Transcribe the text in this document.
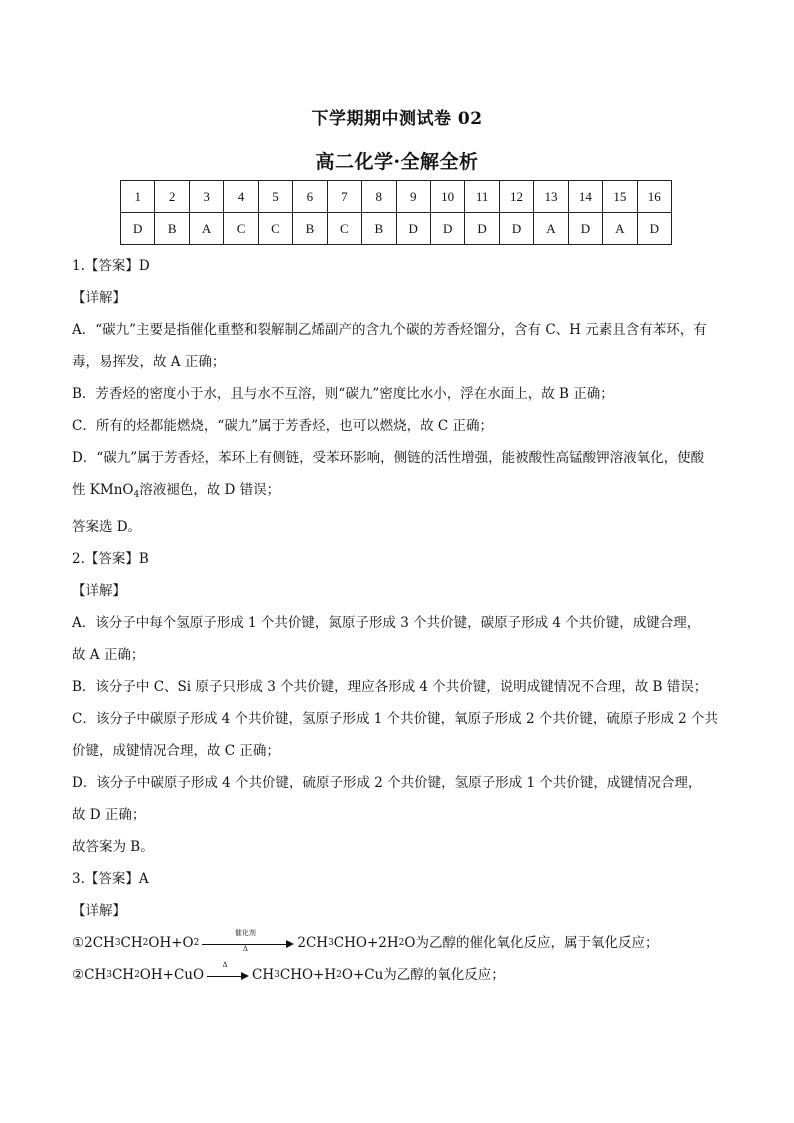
下学期期中测试卷 02
高二化学·全解全析
1	2	3	4	5	6	7	8	9	10	11	12	13	14	15	16
D	B	A	C	C	B	C	B	D	D	D	D	A	D	A	D

1.【答案】D

【详解】

A．“碳九”主要是指催化重整和裂解制乙烯副产的含九个碳的芳香烃馏分，含有 C、H 元素且含有苯环，有

毒，易挥发，故 A 正确；

B．芳香烃的密度小于水，且与水不互溶，则“碳九”密度比水小，浮在水面上，故 B 正确；

C．所有的烃都能燃烧，“碳九”属于芳香烃，也可以燃烧，故 C 正确；

D．“碳九”属于芳香烃，苯环上有侧链，受苯环影响，侧链的活性增强，能被酸性高锰酸钾溶液氧化，使酸

性 KMnO$_4$溶液褪色，故 D 错误；

答案选 D。

2.【答案】B

【详解】

A．该分子中每个氢原子形成 1 个共价键，氮原子形成 3 个共价键，碳原子形成 4 个共价键，成键合理，

故 A 正确；

B．该分子中 C、Si 原子只形成 3 个共价键，理应各形成 4 个共价键，说明成键情况不合理，故 B 错误；

C．该分子中碳原子形成 4 个共价键，氢原子形成 1 个共价键，氧原子形成 2 个共价键，硫原子形成 2 个共

价键，成键情况合理，故 C 正确；

D．该分子中碳原子形成 4 个共价键，硫原子形成 2 个共价键，氢原子形成 1 个共价键，成键情况合理，

故 D 正确；

故答案为 B。

3.【答案】A

【详解】

① 2CH 3 CH 2 OH+O 2
催化剂
Δ	2CH 3 CHO+2H 2 O 为乙醇的催化氧化反应，属于氧化反应；

② CH 3 CH 2 OH+CuO
Δ
CH 3 CHO+H 2 O+Cu 为乙醇的氧化反应；
